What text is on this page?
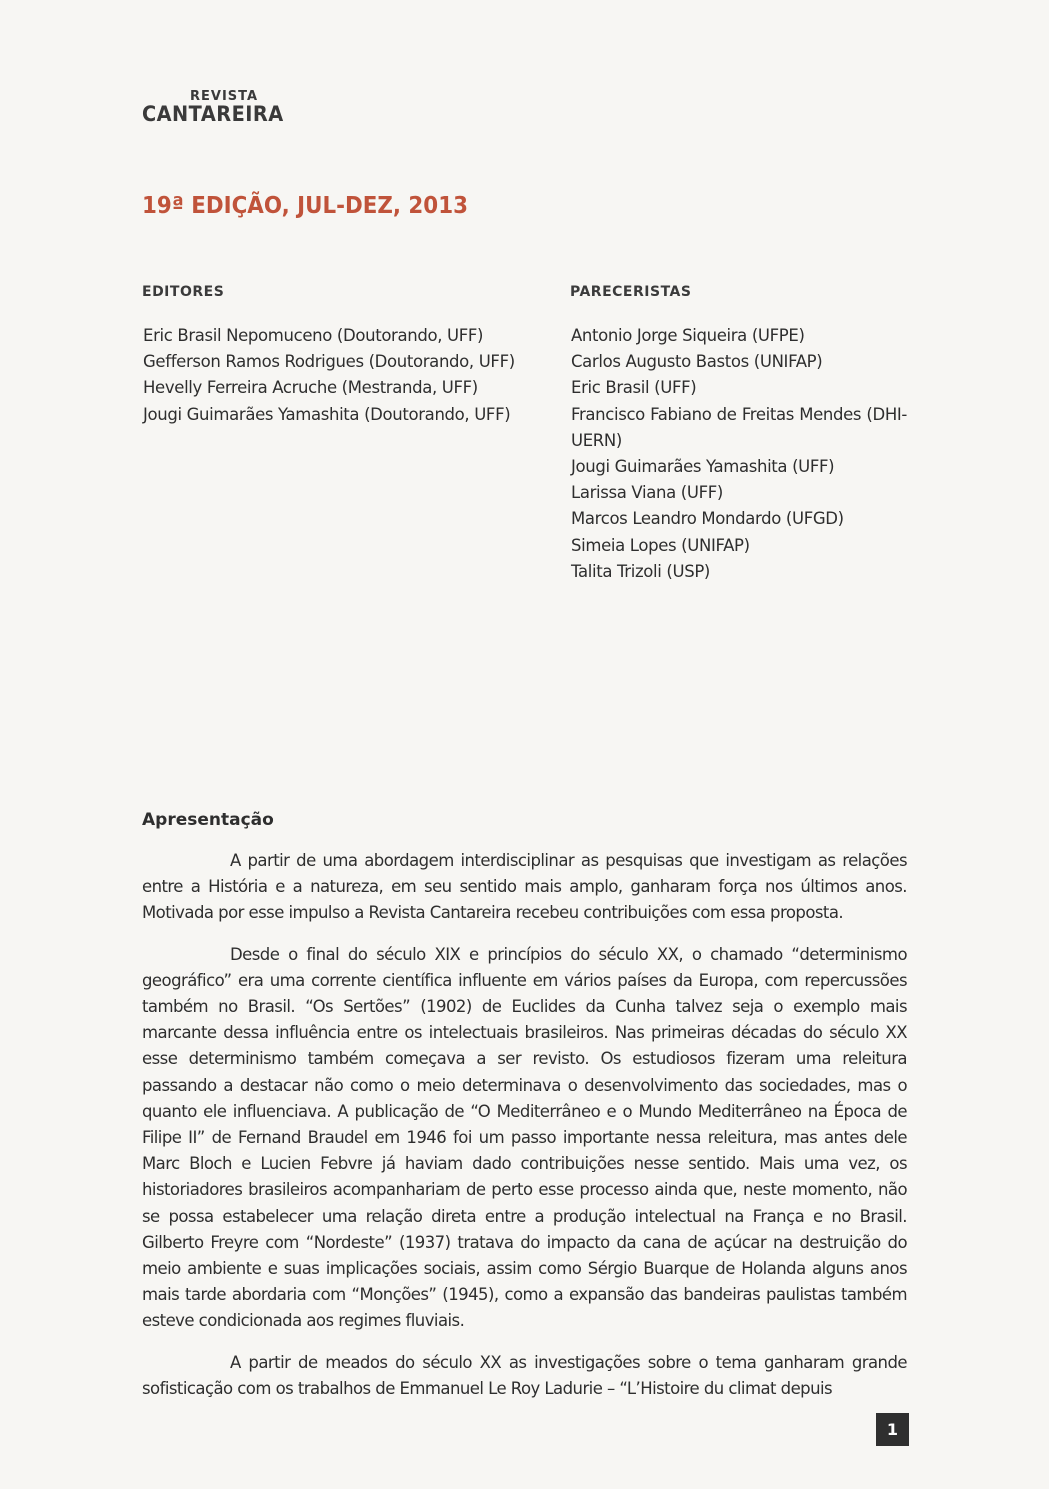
REVISTA
CANTAREIRA
19ª EDIÇÃO, JUL-DEZ, 2013
EDITORES	PARECERISTAS
Eric Brasil Nepomuceno (Doutorando, UFF)
Gefferson Ramos Rodrigues (Doutorando, UFF)
Hevelly Ferreira Acruche (Mestranda, UFF)
Jougi Guimarães Yamashita (Doutorando, UFF)
Antonio Jorge Siqueira (UFPE)
Carlos Augusto Bastos (UNIFAP)
Eric Brasil (UFF)
Francisco Fabiano de Freitas Mendes (DHI-UERN)
Jougi Guimarães Yamashita (UFF)
Larissa Viana (UFF)
Marcos Leandro Mondardo (UFGD)
Simeia Lopes (UNIFAP)
Talita Trizoli (USP)
Apresentação

A partir de uma abordagem interdisciplinar as pesquisas que investigam as relações entre a História e a natureza, em seu sentido mais amplo, ganharam força nos últimos anos. Motivada por esse impulso a Revista Cantareira recebeu contribuições com essa proposta.

Desde o final do século XIX e princípios do século XX, o chamado “determinismo geográfico” era uma corrente científica influente em vários países da Europa, com repercussões também no Brasil. “Os Sertões” (1902) de Euclides da Cunha talvez seja o exemplo mais marcante dessa influência entre os intelectuais brasileiros. Nas primeiras décadas do século XX esse determinismo também começava a ser revisto. Os estudiosos fizeram uma releitura passando a destacar não como o meio determinava o desenvolvimento das sociedades, mas o quanto ele influenciava. A publicação de “O Mediterrâneo e o Mundo Mediterrâneo na Época de Filipe II” de Fernand Braudel em 1946 foi um passo importante nessa releitura, mas antes dele Marc Bloch e Lucien Febvre já haviam dado contribuições nesse sentido. Mais uma vez, os historiadores brasileiros acompanhariam de perto esse processo ainda que, neste momento, não se possa estabelecer uma relação direta entre a produção intelectual na França e no Brasil. Gilberto Freyre com “Nordeste” (1937) tratava do impacto da cana de açúcar na destruição do meio ambiente e suas implicações sociais, assim como Sérgio Buarque de Holanda alguns anos mais tarde abordaria com “Monções” (1945), como a expansão das bandeiras paulistas também esteve condicionada aos regimes fluviais.

A partir de meados do século XX as investigações sobre o tema ganharam grande sofisticação com os trabalhos de Emmanuel Le Roy Ladurie – “L’Histoire du climat depuis

1
